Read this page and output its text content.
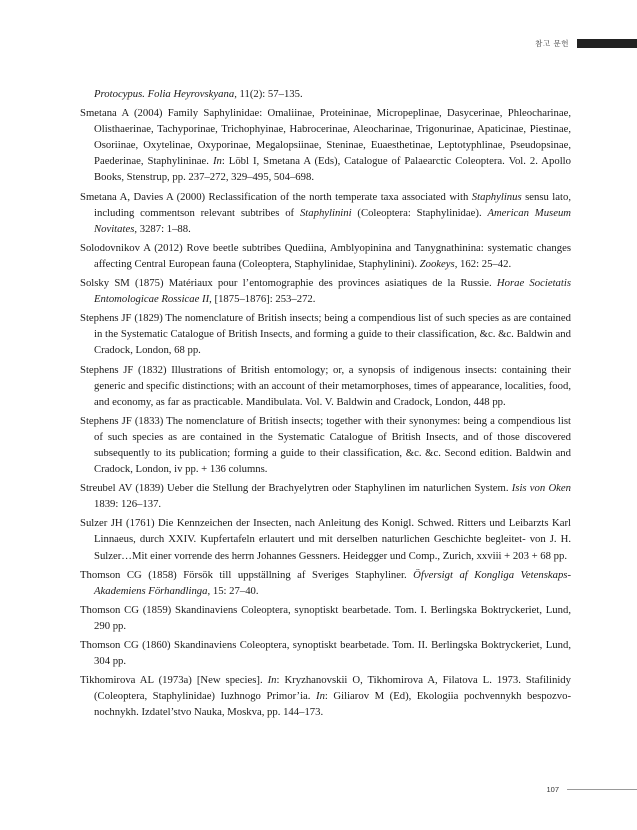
참고 문헌

Protocypus. Folia Heyrovskyana, 11(2): 57–135.

Smetana A (2004) Family Saphylinidae: Omaliinae, Proteininae, Micropeplinae, Dasycerinae, Phleocharinae, Olisthaerinae, Tachyporinae, Trichophyinae, Habrocerinae, Aleocharinae, Trigonurinae, Apaticinae, Piestinae, Osoriinae, Oxytelinae, Oxyporinae, Megalopsiinae, Steninae, Euaesthetinae, Leptotyphlinae, Pseudopsinae, Paederinae, Staphylininae. In: Löbl I, Smetana A (Eds), Catalogue of Palaearctic Coleoptera. Vol. 2. Apollo Books, Stenstrup, pp. 237–272, 329–495, 504–698.

Smetana A, Davies A (2000) Reclassification of the north temperate taxa associated with Staphylinus sensu lato, including commentson relevant subtribes of Staphylinini (Coleoptera: Staphylinidae). American Museum Novitates, 3287: 1–88.

Solodovnikov A (2012) Rove beetle subtribes Quediina, Amblyopinina and Tanygnathinina: systematic changes affecting Central European fauna (Coleoptera, Staphylinidae, Staphylinini). Zookeys, 162: 25–42.

Solsky SM (1875) Matériaux pour l’entomographie des provinces asiatiques de la Russie. Horae Societatis Entomologicae Rossicae II, [1875–1876]: 253–272.

Stephens JF (1829) The nomenclature of British insects; being a compendious list of such species as are contained in the Systematic Catalogue of British Insects, and forming a guide to their classification, &c. &c. Baldwin and Cradock, London, 68 pp.

Stephens JF (1832) Illustrations of British entomology; or, a synopsis of indigenous insects: containing their generic and specific distinctions; with an account of their metamorphoses, times of appearance, localities, food, and economy, as far as practicable. Mandibulata. Vol. V. Baldwin and Cradock, London, 448 pp.

Stephens JF (1833) The nomenclature of British insects; together with their synonymes: being a compendious list of such species as are contained in the Systematic Catalogue of British Insects, and of those discovered subsequently to its publication; forming a guide to their classification, &c. &c. Second edition. Baldwin and Cradock, London, iv pp. + 136 columns.

Streubel AV (1839) Ueber die Stellung der Brachyelytren oder Staphylinen im naturlichen System. Isis von Oken 1839: 126–137.

Sulzer JH (1761) Die Kennzeichen der Insecten, nach Anleitung des Konigl. Schwed. Ritters und Leibarzts Karl Linnaeus, durch XXIV. Kupfertafeln erlautert und mit derselben naturlichen Geschichte begleitet- von J. H. Sulzer…Mit einer vorrende des herrn Johannes Gessners. Heidegger und Comp., Zurich, xxviii + 203 + 68 pp.

Thomson CG (1858) Försök till uppställning af Sveriges Staphyliner. Öfversigt af Kongliga Vetenskaps-Akademiens Förhandlinga, 15: 27–40.

Thomson CG (1859) Skandinaviens Coleoptera, synoptiskt bearbetade. Tom. I. Berlingska Boktryckeriet, Lund, 290 pp.

Thomson CG (1860) Skandinaviens Coleoptera, synoptiskt bearbetade. Tom. II. Berlingska Boktryckeriet, Lund, 304 pp.

Tikhomirova AL (1973a) [New species]. In: Kryzhanovskii O, Tikhomirova A, Filatova L. 1973. Stafilinidy (Coleoptera, Staphylinidae) Iuzhnogo Primor’ia. In: Giliarov M (Ed), Ekologiia pochvennykh bespozvonochnykh. Izdatel’stvo Nauka, Moskva, pp. 144–173.

107
